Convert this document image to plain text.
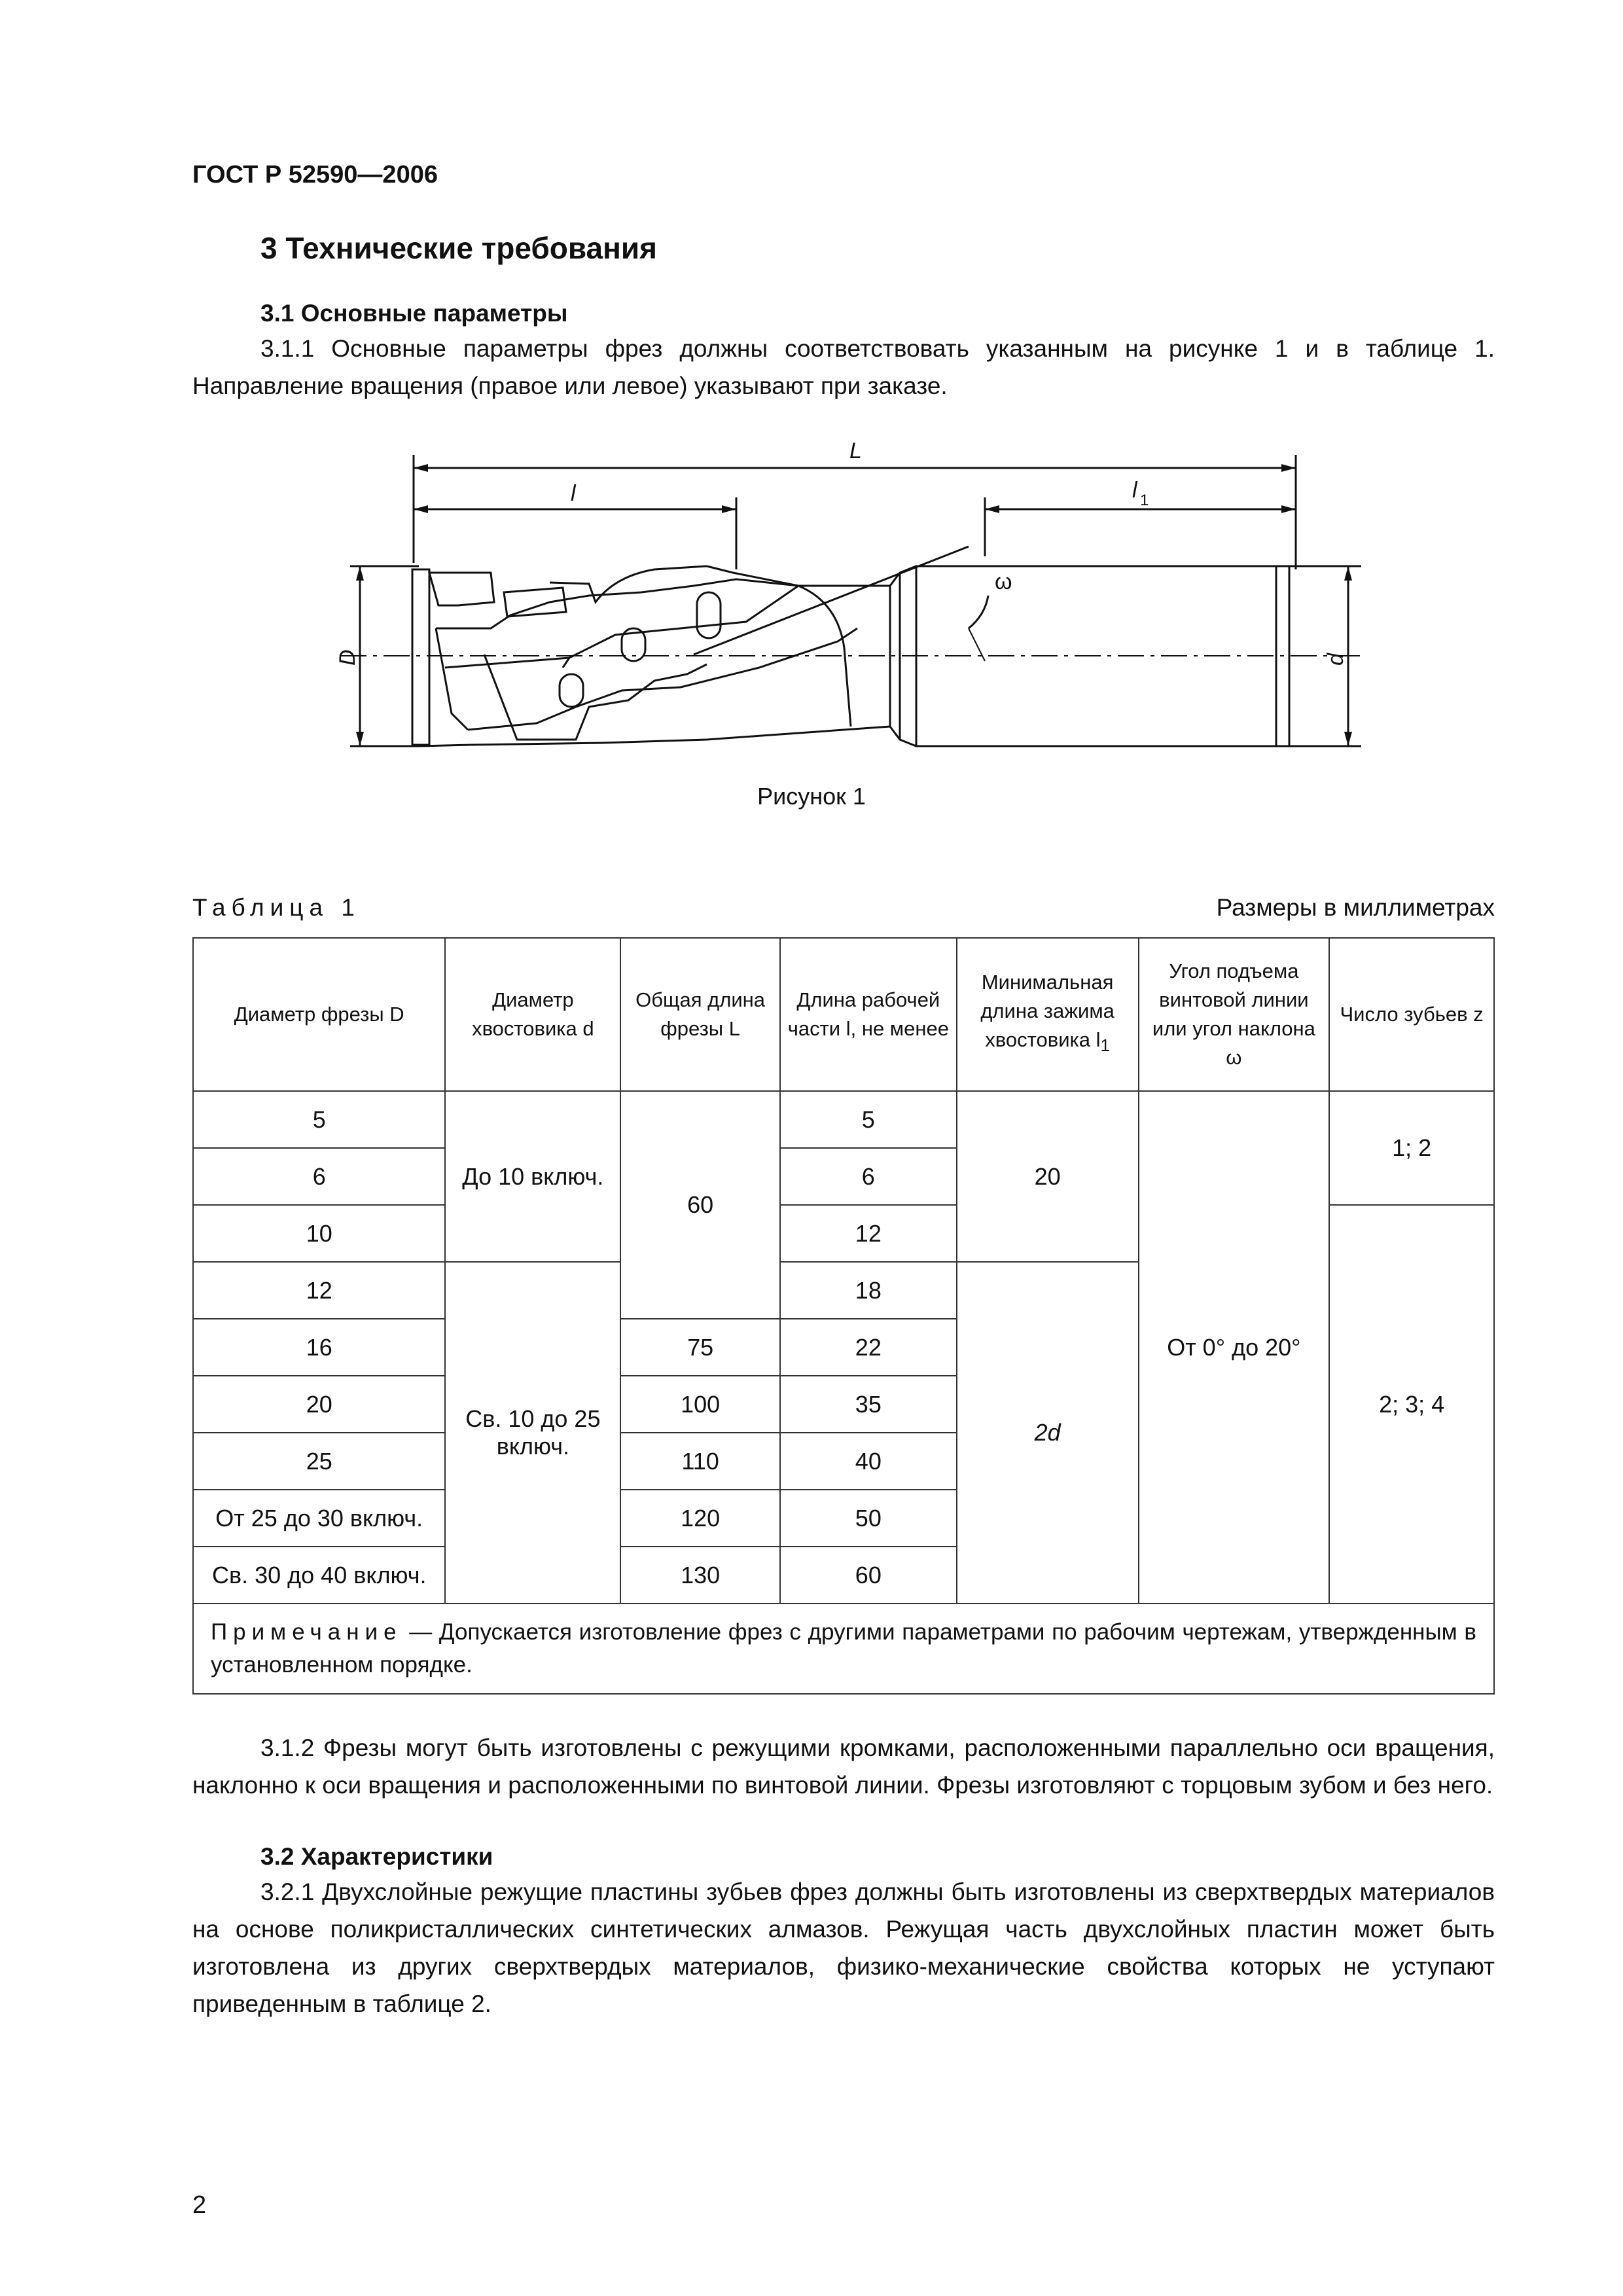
ГОСТ Р 52590—2006
3 Технические требования
3.1 Основные параметры
3.1.1 Основные параметры фрез должны соответствовать указанным на рисунке 1 и в таблице 1. Направление вращения (правое или левое) указывают при заказе.
L
l	l 1
D	d
ω
Рисунок 1
Таблица 1	Размеры в миллиметрах
Диаметр фрезы D	Диаметр хвостовика d	Общая длина фрезы L	Длина рабочей части l, не менее	Минимальная длина зажима хвостовика $l_1$	Угол подъема винтовой линии или угол наклона ω	Число зубьев z
5	До 10 включ.	60	5	20	От 0° до 20°	1; 2
6			6			
10			12			2; 3; 4
12	Св. 10 до 25 включ.		18	2d		
16		75	22			
20		100	35			
25		110	40			
От 25 до 30 включ.		120	50			
Св. 30 до 40 включ.		130	60			
Примечание — Допускается изготовление фрез с другими параметрами по рабочим чертежам, утвержденным в установленном порядке.						
3.1.2 Фрезы могут быть изготовлены с режущими кромками, расположенными параллельно оси вращения, наклонно к оси вращения и расположенными по винтовой линии. Фрезы изготовляют с торцовым зубом и без него.
3.2 Характеристики
3.2.1 Двухслойные режущие пластины зубьев фрез должны быть изготовлены из сверхтвердых материалов на основе поликристаллических синтетических алмазов. Режущая часть двухслойных пластин может быть изготовлена из других сверхтвердых материалов, физико-механические свойства которых не уступают приведенным в таблице 2.
2
